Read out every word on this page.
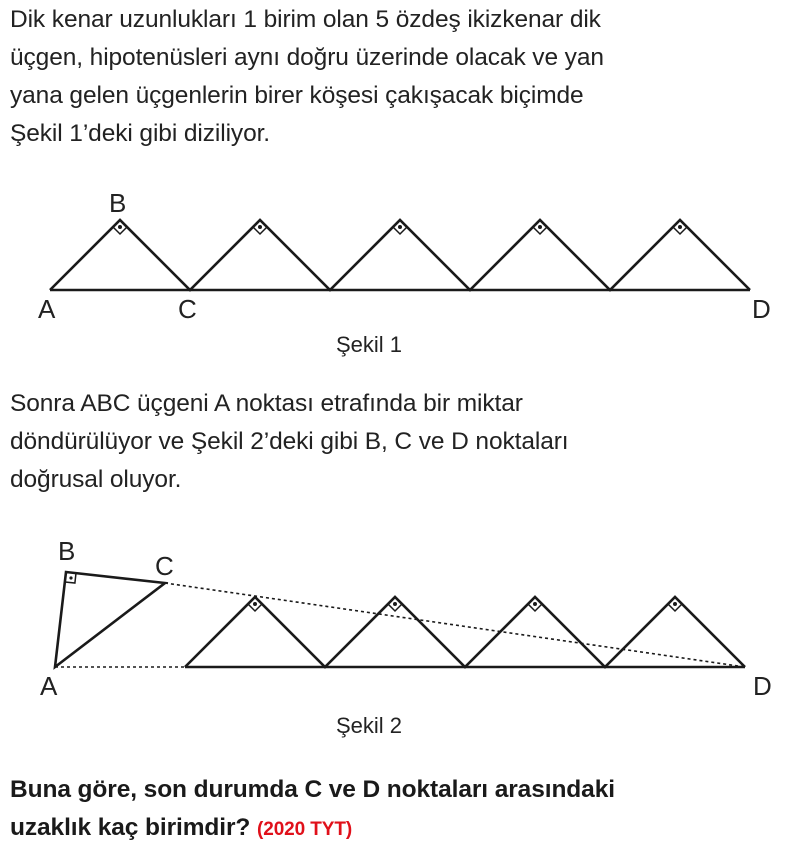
Dik kenar uzunlukları 1 birim olan 5 özdeş ikizkenar dik
üçgen, hipotenüsleri aynı doğru üzerinde olacak ve yan
yana gelen üçgenlerin birer köşesi çakışacak biçimde
Şekil 1’deki gibi diziliyor.
B
A	C	D
Şekil 1
Sonra ABC üçgeni A noktası etrafında bir miktar
döndürülüyor ve Şekil 2’deki gibi B, C ve D noktaları
doğrusal oluyor.
B	C
A	D
Şekil 2
Buna göre, son durumda C ve D noktaları arasındaki
uzaklık kaç birimdir? (2020 TYT)
